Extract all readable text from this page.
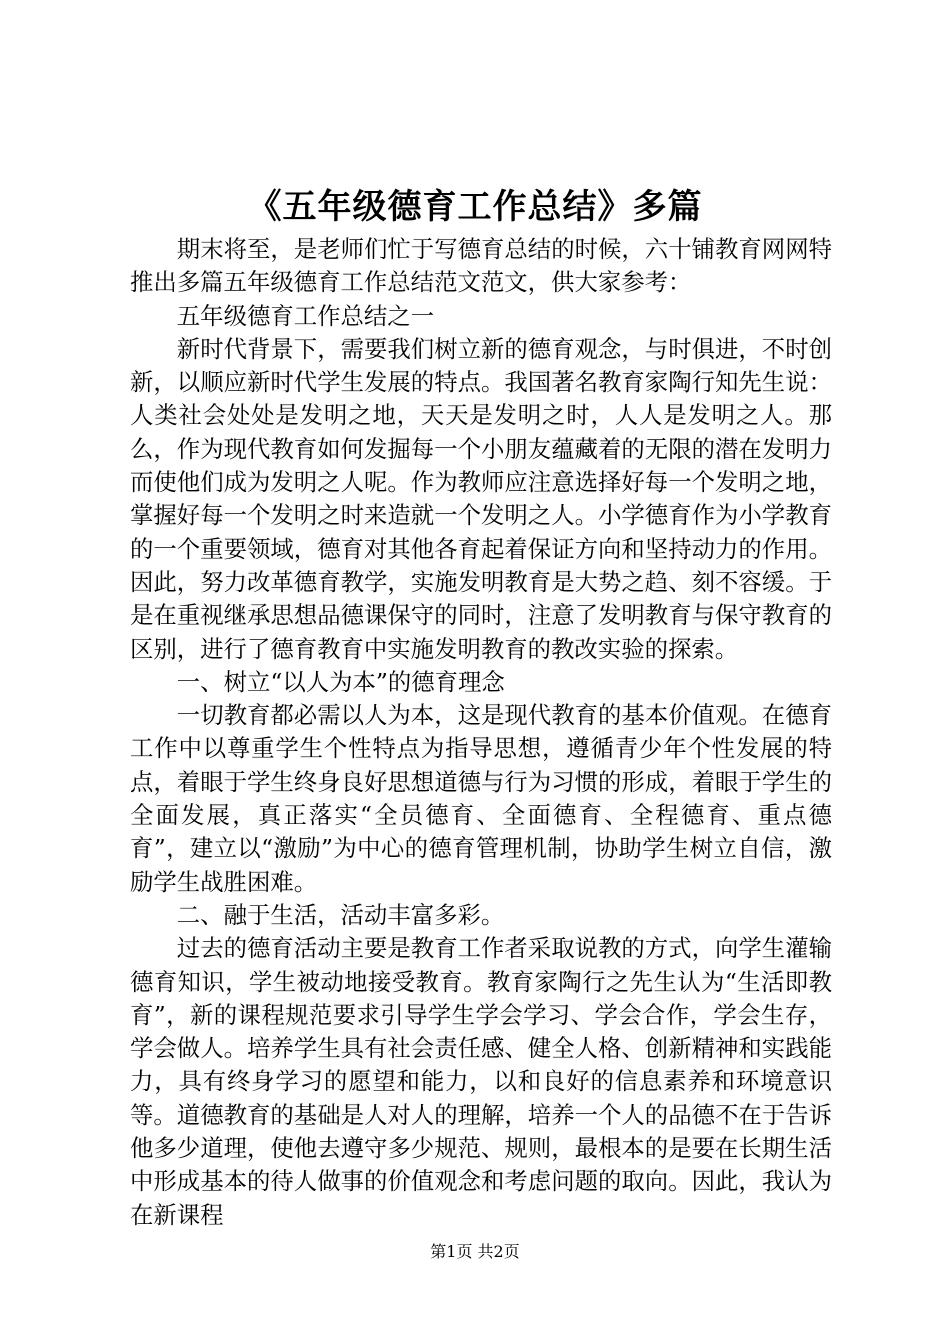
《五年级德育工作总结》多篇

期末将至，是老师们忙于写德育总结的时候，六十铺教育网网特推出多篇五年级德育工作总结范文范文，供大家参考：

五年级德育工作总结之一

新时代背景下，需要我们树立新的德育观念，与时俱进，不时创新，以顺应新时代学生发展的特点。我国著名教育家陶行知先生说：人类社会处处是发明之地，天天是发明之时，人人是发明之人。那么，作为现代教育如何发掘每一个小朋友蕴藏着的无限的潜在发明力而使他们成为发明之人呢。作为教师应注意选择好每一个发明之地，掌握好每一个发明之时来造就一个发明之人。小学德育作为小学教育的一个重要领域，德育对其他各育起着保证方向和坚持动力的作用。因此，努力改革德育教学，实施发明教育是大势之趋、刻不容缓。于是在重视继承思想品德课保守的同时，注意了发明教育与保守教育的区别，进行了德育教育中实施发明教育的教改实验的探索。

一、树立“以人为本”的德育理念

一切教育都必需以人为本，这是现代教育的基本价值观。在德育工作中以尊重学生个性特点为指导思想，遵循青少年个性发展的特点，着眼于学生终身良好思想道德与行为习惯的形成，着眼于学生的全面发展，真正落实“全员德育、全面德育、全程德育、重点德育”，建立以“激励”为中心的德育管理机制，协助学生树立自信，激励学生战胜困难。

二、融于生活，活动丰富多彩。

过去的德育活动主要是教育工作者采取说教的方式，向学生灌输德育知识，学生被动地接受教育。教育家陶行之先生认为“生活即教育”，新的课程规范要求引导学生学会学习、学会合作，学会生存，学会做人。培养学生具有社会责任感、健全人格、创新精神和实践能力，具有终身学习的愿望和能力，以和良好的信息素养和环境意识等。道德教育的基础是人对人的理解，培养一个人的品德不在于告诉他多少道理，使他去遵守多少规范、规则，最根本的是要在长期生活中形成基本的待人做事的价值观念和考虑问题的取向。因此，我认为在新课程

第1页 共2页
